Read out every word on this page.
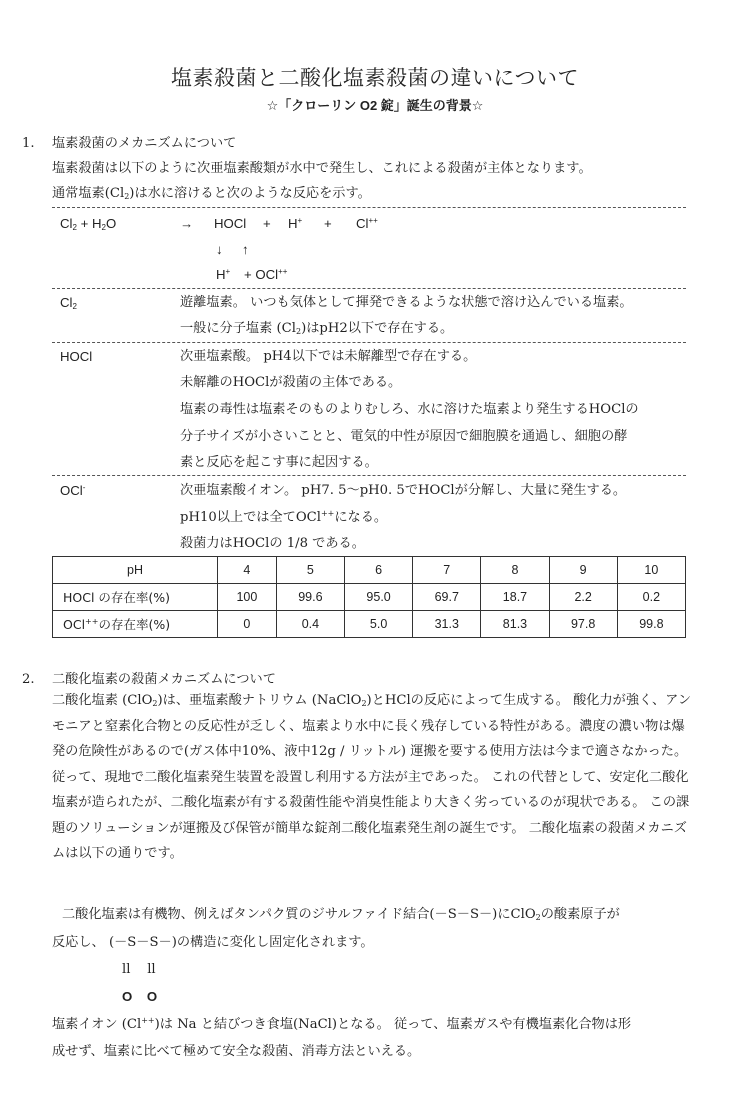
塩素殺菌と二酸化塩素殺菌の違いについて
☆「クローリン O2 錠」誕生の背景☆
1. 塩素殺菌のメカニズムについて
塩素殺菌は以下のように次亜塩素酸類が水中で発生し、これによる殺菌が主体となります。
通常塩素$(Cl_2)$は水に溶けると次のような反応を示す。
$Cl_2 + H_2O$	→ HOCl + H+ + Cl++
↓ ↑
H+ + OCl++
$Cl_2$	遊離塩素。 いつも気体として揮発できるような状態で溶け込んでいる塩素。
一般に分子塩素 $(Cl_2)$はpH2以下で存在する。
HOCl	次亜塩素酸。 pH4以下では未解離型で存在する。
未解離のHOClが殺菌の主体である。
塩素の毒性は塩素そのものよりむしろ、水に溶けた塩素より発生するHOClの
分子サイズが小さいことと、電気的中性が原因で細胞膜を通過し、細胞の酵
素と反応を起こす事に起因する。
OCl-	次亜塩素酸イオン。 pH7. 5～pH0. 5でHOClが分解し、大量に発生する。
pH10以上では全てOCl++になる。
殺菌力はHOClの 1/8 である。
pH	4	5	6	7	8	9	10
HOCl の存在率(%)	100	99.6	95.0	69.7	18.7	2.2	0.2
OCl++の存在率(%)	0	0.4	5.0	31.3	81.3	97.8	99.8
2. 二酸化塩素の殺菌メカニズムについて
二酸化塩素 (ClO$_2$)は、亜塩素酸ナトリウム (NaClO$_2$)とHClの反応によって生成する。 酸化力が強く、アンモニアと窒素化合物との反応性が乏しく、塩素より水中に長く残存している特性がある。濃度の濃い物は爆発の危険性があるので(ガス体中10%、液中12g / リットル) 運搬を要する使用方法は今まで適さなかった。 従って、現地で二酸化塩素発生装置を設置し利用する方法が主であった。 これの代替として、安定化二酸化塩素が造られたが、二酸化塩素が有する殺菌性能や消臭性能より大きく劣っているのが現状である。 この課題のソリューションが運搬及び保管が簡単な錠剤二酸化塩素発生剤の誕生です。 二酸化塩素の殺菌メカニズムは以下の通りです。
二酸化塩素は有機物、例えばタンパク質のジサルファイド結合(－S－S－)にClO$_2$の酸素原子が
反応し、 (－S－S－)の構造に変化し固定化されます。
ll    ll
O    O
塩素イオン (Cl++)は Na と結びつき食塩(NaCl)となる。 従って、塩素ガスや有機塩素化合物は形
成せず、塩素に比べて極めて安全な殺菌、消毒方法といえる。
